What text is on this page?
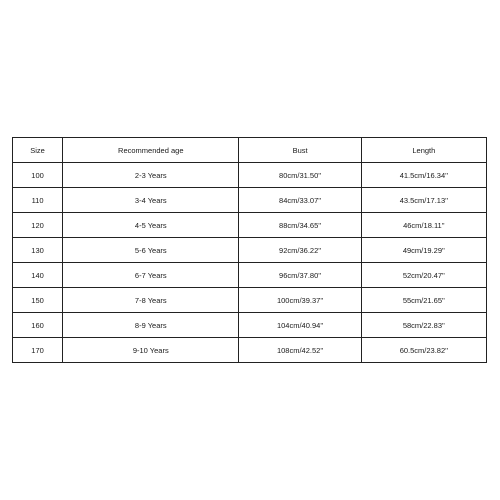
Size	Recommended age	Bust	Length
100	2-3 Years	80cm/31.50''	41.5cm/16.34''
110	3-4 Years	84cm/33.07''	43.5cm/17.13''
120	4-5 Years	88cm/34.65''	46cm/18.11''
130	5-6 Years	92cm/36.22''	49cm/19.29''
140	6-7 Years	96cm/37.80''	52cm/20.47''
150	7-8 Years	100cm/39.37''	55cm/21.65''
160	8-9 Years	104cm/40.94''	58cm/22.83''
170	9-10 Years	108cm/42.52''	60.5cm/23.82''
